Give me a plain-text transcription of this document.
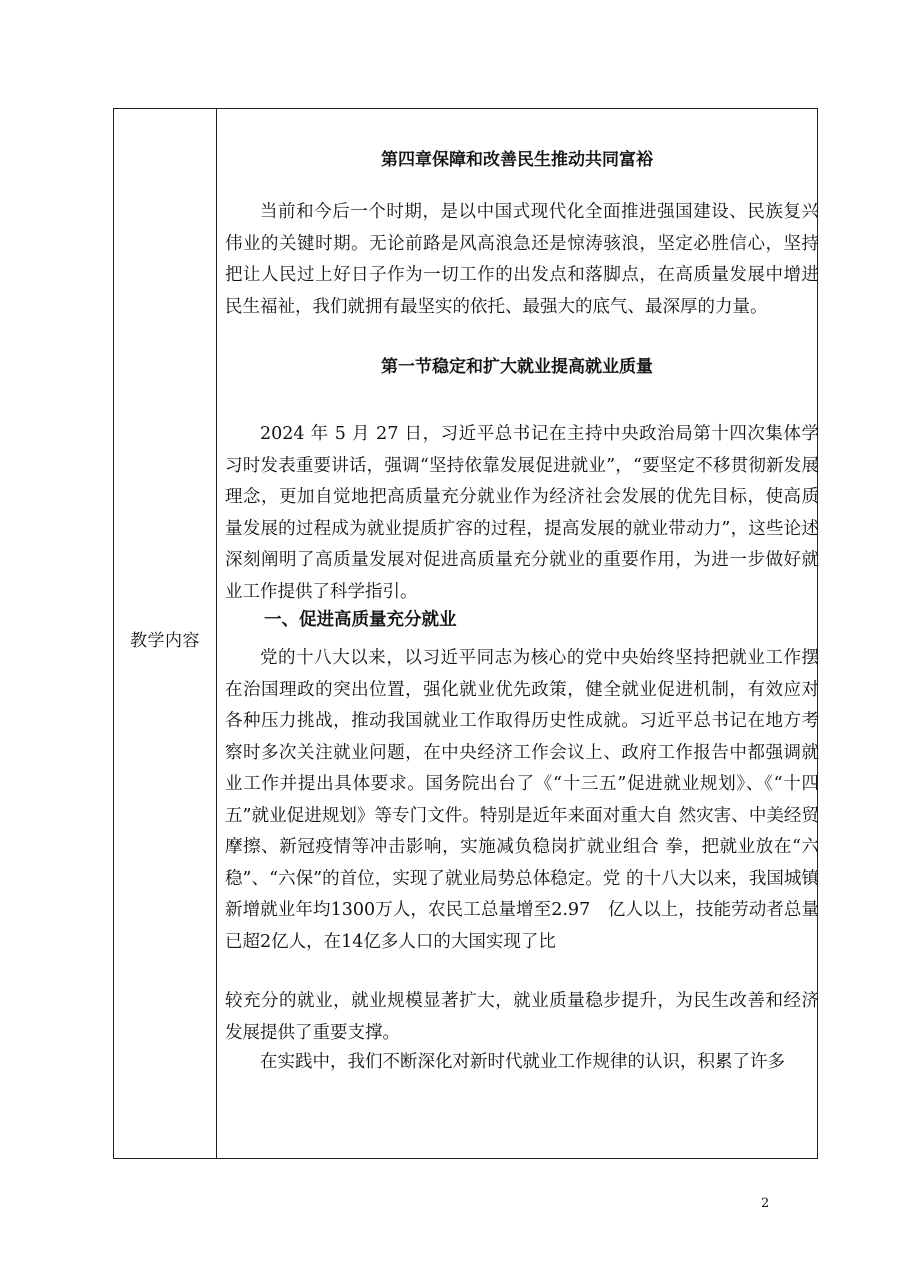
教学内容
第四章保障和改善民生推动共同富裕
当前和今后一个时期，是以中国式现代化全面推进强国建设、民族复兴伟业的关键时期。无论前路是风高浪急还是惊涛骇浪，坚定必胜信心，坚持把让人民过上好日子作为一切工作的出发点和落脚点，在高质量发展中增进民生福祉，我们就拥有最坚实的依托、最强大的底气、最深厚的力量。
第一节稳定和扩大就业提高就业质量
2024 年 5 月 27 日，习近平总书记在主持中央政治局第十四次集体学习时发表重要讲话，强调“坚持依靠发展促进就业”，“要坚定不移贯彻新发展理念，更加自觉地把高质量充分就业作为经济社会发展的优先目标，使高质量发展的过程成为就业提质扩容的过程，提高发展的就业带动力”，这些论述深刻阐明了高质量发展对促进高质量充分就业的重要作用，为进一步做好就业工作提供了科学指引。
一、促进高质量充分就业
党的十八大以来，以习近平同志为核心的党中央始终坚持把就业工作摆在治国理政的突出位置，强化就业优先政策，健全就业促进机制，有效应对各种压力挑战，推动我国就业工作取得历史性成就。习近平总书记在地方考察时多次关注就业问题，在中央经济工作会议上、政府工作报告中都强调就业工作并提出具体要求。国务院出台了《“十三五”促进就业规划》、《“十四五”就业促进规划》等专门文件。特别是近年来面对重大自 然灾害、中美经贸摩擦、新冠疫情等冲击影响，实施减负稳岗扩就业组合 拳，把就业放在“六稳”、“六保”的首位，实现了就业局势总体稳定。党 的十八大以来，我国城镇新增就业年均1300万人，农民工总量增至2.97　亿人以上，技能劳动者总量已超2亿人，在14亿多人口的大国实现了比
较充分的就业，就业规模显著扩大，就业质量稳步提升，为民生改善和经济发展提供了重要支撑。
在实践中，我们不断深化对新时代就业工作规律的认识，积累了许多
2
